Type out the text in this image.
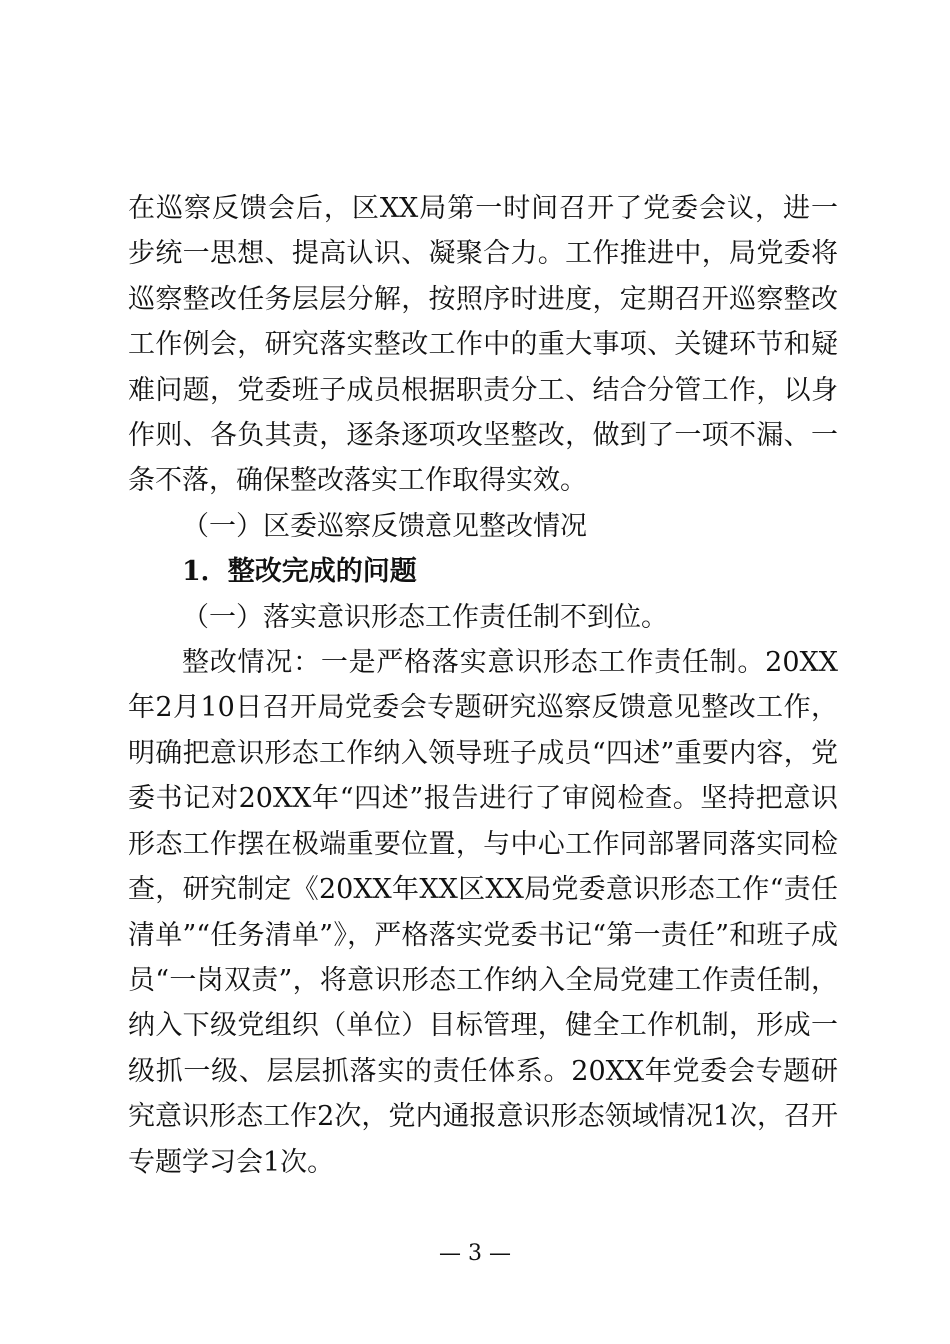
在巡察反馈会后，区XX局第一时间召开了党委会议，进一步统一思想、提高认识、凝聚合力。工作推进中，局党委将巡察整改任务层层分解，按照序时进度，定期召开巡察整改工作例会，研究落实整改工作中的重大事项、关键环节和疑难问题，党委班子成员根据职责分工、结合分管工作，以身作则、各负其责，逐条逐项攻坚整改，做到了一项不漏、一条不落，确保整改落实工作取得实效。

（一）区委巡察反馈意见整改情况

1．整改完成的问题

（一）落实意识形态工作责任制不到位。

整改情况：一是严格落实意识形态工作责任制。20XX年2月10日召开局党委会专题研究巡察反馈意见整改工作，明确把意识形态工作纳入领导班子成员“四述”重要内容，党委书记对20XX年“四述”报告进行了审阅检查。坚持把意识形态工作摆在极端重要位置，与中心工作同部署同落实同检查，研究制定《20XX年XX区XX局党委意识形态工作“责任清单”“任务清单”》，严格落实党委书记“第一责任”和班子成员“一岗双责”，将意识形态工作纳入全局党建工作责任制，纳入下级党组织（单位）目标管理，健全工作机制，形成一级抓一级、层层抓落实的责任体系。20XX年党委会专题研究意识形态工作2次，党内通报意识形态领域情况1次，召开专题学习会1次。

— 3 —
